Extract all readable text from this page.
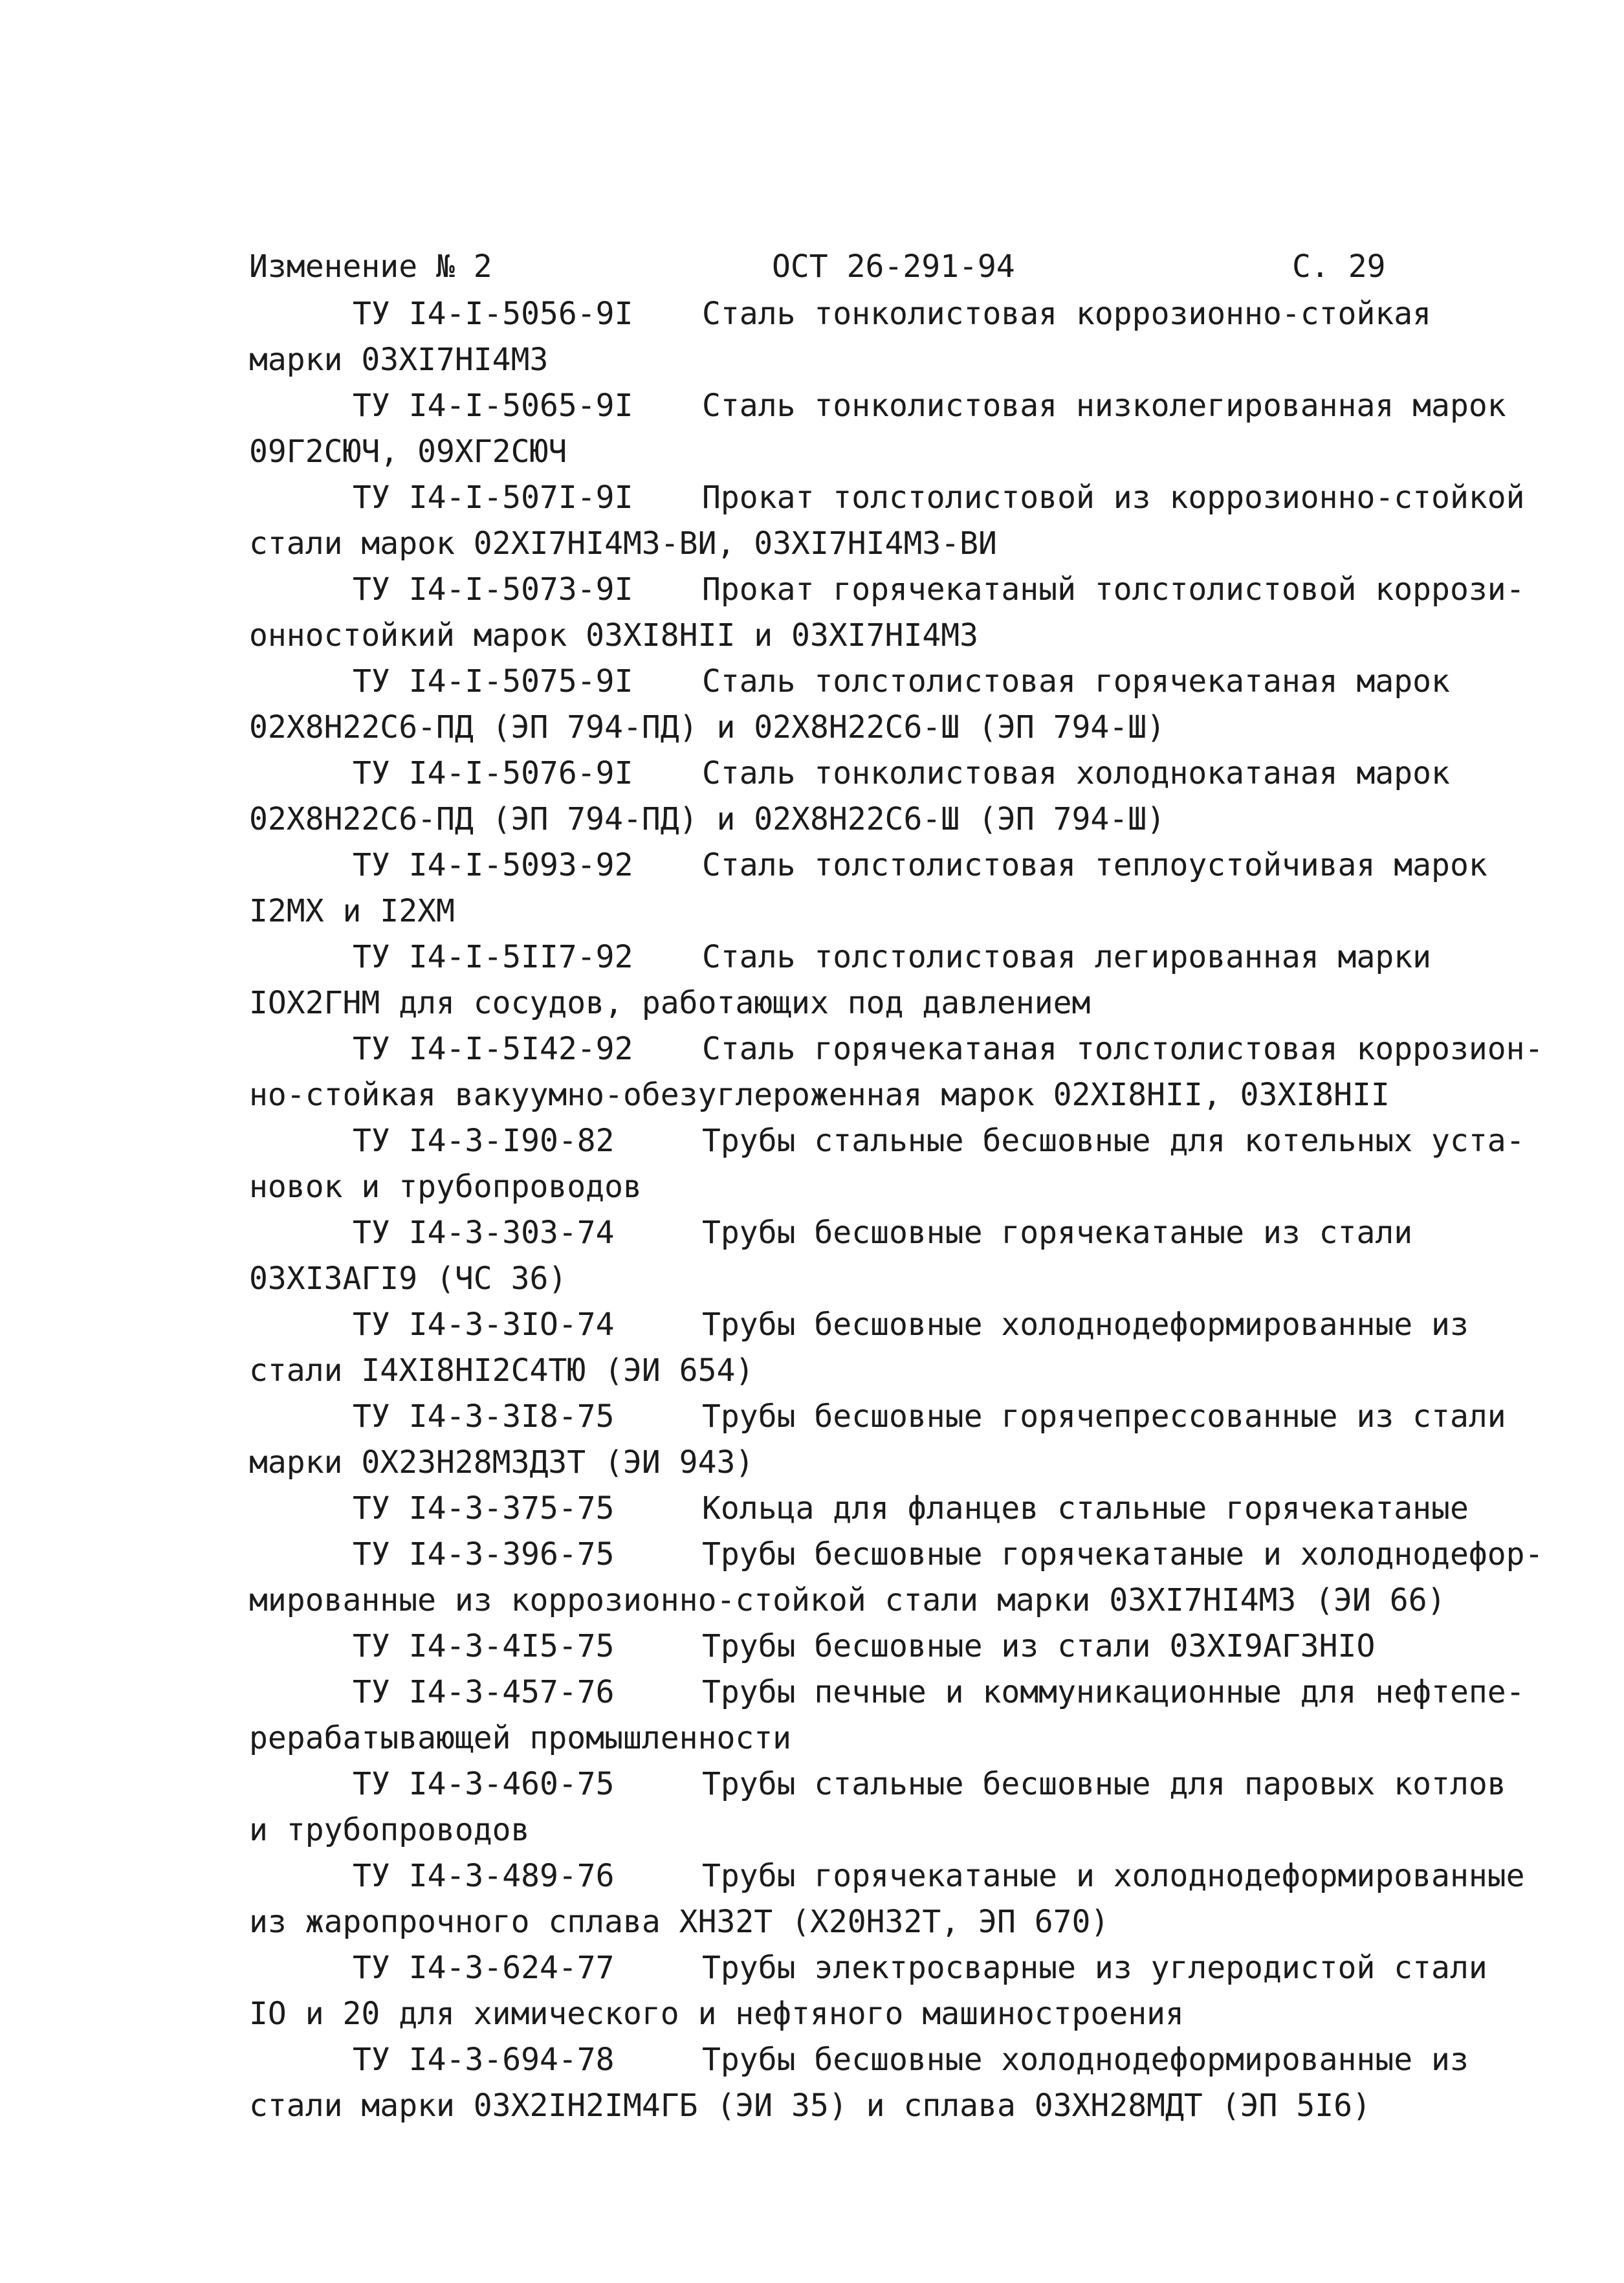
Изменение № 2	ОСТ 26-291-94	С. 29
ТУ I4-I-5056-9I Сталь тонколистовая коррозионно-стойкая
марки 03XI7HI4M3
ТУ I4-I-5065-9I Сталь тонколистовая низколегированная марок
09Г2СЮЧ, 09ХГ2СЮЧ
ТУ I4-I-507I-9I Прокат толстолистовой из коррозионно-стойкой
стали марок 02XI7HI4M3-ВИ, 03XI7HI4M3-ВИ
ТУ I4-I-5073-9I Прокат горячекатаный толстолистовой коррози-
онностойкий марок 03XI8HII и 03XI7HI4M3
ТУ I4-I-5075-9I Сталь толстолистовая горячекатаная марок
02Х8Н22С6-ПД (ЭП 794-ПД) и 02Х8Н22С6-Ш (ЭП 794-Ш)
ТУ I4-I-5076-9I Сталь тонколистовая холоднокатаная марок
02Х8Н22С6-ПД (ЭП 794-ПД) и 02Х8Н22С6-Ш (ЭП 794-Ш)
ТУ I4-I-5093-92 Сталь толстолистовая теплоустойчивая марок
I2МХ и I2ХМ
ТУ I4-I-5II7-92 Сталь толстолистовая легированная марки
IOX2ГНМ для сосудов, работающих под давлением
ТУ I4-I-5I42-92 Сталь горячекатаная толстолистовая коррозион-
но-стойкая вакуумно-обезуглероженная марок 02XI8HII, 03XI8HII
ТУ I4-3-I90-82	Трубы стальные бесшовные для котельных уста-
новок и трубопроводов
ТУ I4-3-303-74	Трубы бесшовные горячекатаные из стали
03XI3AГI9 (ЧС 36)
ТУ I4-3-3IO-74	Трубы бесшовные холоднодеформированные из
стали I4XI8HI2C4TЮ (ЭИ 654)
ТУ I4-3-3I8-75	Трубы бесшовные горячепрессованные из стали
марки 0Х23Н28М3Д3Т (ЭИ 943)
ТУ I4-3-375-75	Кольца для фланцев стальные горячекатаные
ТУ I4-3-396-75	Трубы бесшовные горячекатаные и холоднодефор-
мированные из коррозионно-стойкой стали марки 03XI7HI4M3 (ЭИ 66)
ТУ I4-3-4I5-75	Трубы бесшовные из стали 03XI9AГ3HIO
ТУ I4-3-457-76	Трубы печные и коммуникационные для нефтепе-
рерабатывающей промышленности
ТУ I4-3-460-75	Трубы стальные бесшовные для паровых котлов
и трубопроводов
ТУ I4-3-489-76	Трубы горячекатаные и холоднодеформированные
из жаропрочного сплава ХН32Т (Х20Н32Т, ЭП 670)
ТУ I4-3-624-77	Трубы электросварные из углеродистой стали
IO и 20 для химического и нефтяного машиностроения
ТУ I4-3-694-78	Трубы бесшовные холоднодеформированные из
стали марки 03X2IH2IM4ГБ (ЭИ 35) и сплава 03ХН28МДТ (ЭП 5I6)
